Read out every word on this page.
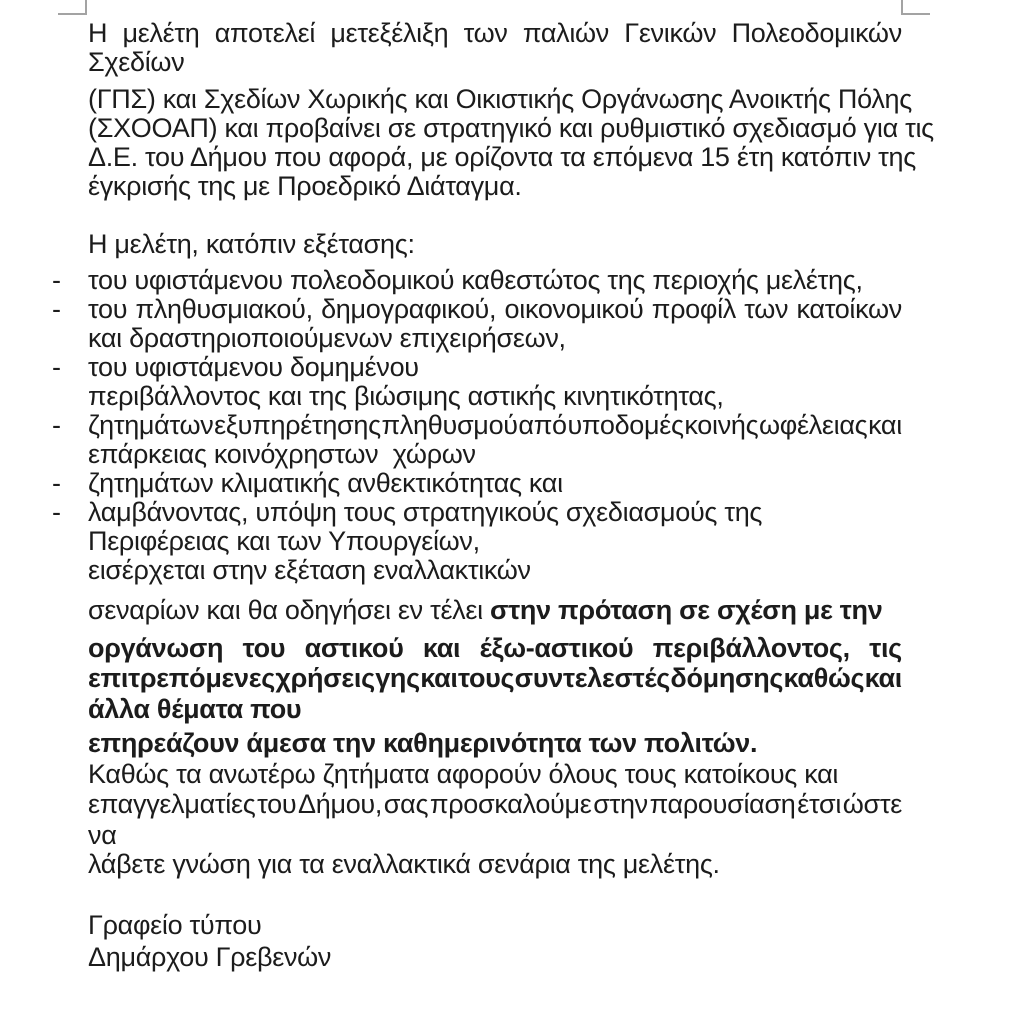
Η μελέτη αποτελεί μετεξέλιξη των παλιών Γενικών Πολεοδομικών
Σχεδίων
(ΓΠΣ) και Σχεδίων Χωρικής και Οικιστικής Οργάνωσης Ανοικτής Πόλης
(ΣΧΟΟΑΠ) και προβαίνει σε στρατηγικό και ρυθμιστικό σχεδιασμό για τις
Δ.Ε. του Δήμου που αφορά, με ορίζοντα τα επόμενα 15 έτη κατόπιν της
έγκρισής της με Προεδρικό Διάταγμα.
Η μελέτη, κατόπιν εξέτασης:
- του υφιστάμενου πολεοδομικού καθεστώτος της περιοχής μελέτης,
- του πληθυσμιακού, δημογραφικού, οικονομικού προφίλ των κατοίκων
και δραστηριοποιούμενων επιχειρήσεων,
- του υφιστάμενου δομημένου
περιβάλλοντος και της βιώσιμης αστικής κινητικότητας,
- ζητημάτων εξυπηρέτησης πληθυσμού από υποδομές κοινής ωφέλειας και
επάρκειας κοινόχρηστων  χώρων
- ζητημάτων κλιματικής ανθεκτικότητας και
- λαμβάνοντας, υπόψη τους στρατηγικούς σχεδιασμούς της
Περιφέρειας και των Υπουργείων,
εισέρχεται στην εξέταση εναλλακτικών
σεναρίων και θα οδηγήσει εν τέλει στην πρόταση σε σχέση με την
οργάνωση του αστικού και έξω-αστικού περιβάλλοντος, τις
επιτρεπόμενες χρήσεις γης και τους συντελεστές δόμησης καθώς και
άλλα θέματα που
επηρεάζουν άμεσα την καθημερινότητα των πολιτών.
Καθώς τα ανωτέρω ζητήματα αφορούν όλους τους κατοίκους και
επαγγελματίες του Δήμου, σας προσκαλούμε στην παρουσίαση έτσι ώστε
να
λάβετε γνώση για τα εναλλακτικά σενάρια της μελέτης.
Γραφείο τύπου
Δημάρχου Γρεβενών
